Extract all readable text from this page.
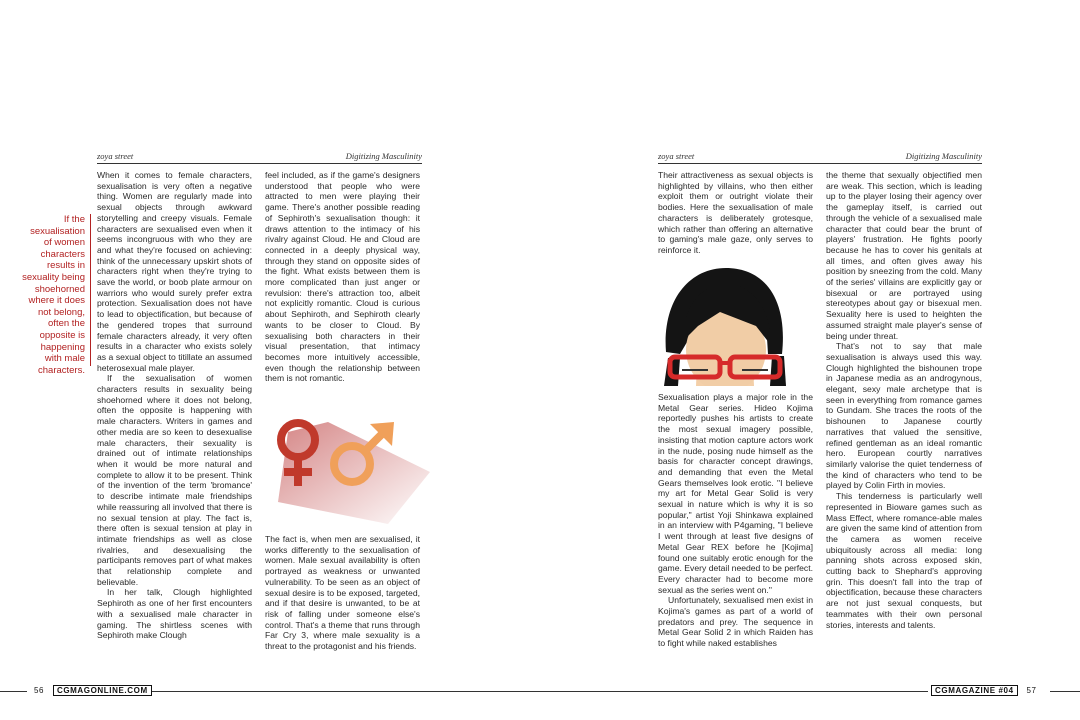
zoya street	Digitizing Masculinity
If the sexualisation of women characters results in sexuality being shoehorned where it does not belong, often the opposite is happening with male characters.

When it comes to female characters, sexualisation is very often a negative thing. Women are regularly made into sexual objects through awkward storytelling and creepy visuals. Female characters are sexualised even when it seems incongruous with who they are and what they're focused on achieving: think of the unnecessary upskirt shots of characters right when they're trying to save the world, or boob plate armour on warriors who would surely prefer extra protection. Sexualisation does not have to lead to objectification, but because of the gendered tropes that surround female characters already, it very often results in a character who exists solely as a sexual object to titillate an assumed heterosexual male player.

If the sexualisation of women characters results in sexuality being shoehorned where it does not belong, often the opposite is happening with male characters. Writers in games and other media are so keen to desexualise male characters, their sexuality is drained out of intimate relationships when it would be more natural and complete to allow it to be present. Think of the invention of the term 'bromance' to describe intimate male friendships while reassuring all involved that there is no sexual tension at play. The fact is, there often is sexual tension at play in intimate friendships as well as close rivalries, and desexualising the participants removes part of what makes that relationship complete and believable.

In her talk, Clough highlighted Sephiroth as one of her first encounters with a sexualised male character in gaming. The shirtless scenes with Sephiroth make Clough

feel included, as if the game's designers understood that people who were attracted to men were playing their game. There's another possible reading of Sephiroth's sexualisation though: it draws attention to the intimacy of his rivalry against Cloud. He and Cloud are connected in a deeply physical way, through they stand on opposite sides of the fight. What exists between them is more complicated than just anger or revulsion: there's attraction too, albeit not explicitly romantic. Cloud is curious about Sephiroth, and Sephiroth clearly wants to be closer to Cloud. By sexualising both characters in their visual presentation, that intimacy becomes more intuitively accessible, even though the relationship between them is not romantic.

The fact is, when men are sexualised, it works differently to the sexualisation of women. Male sexual availability is often portrayed as weakness or unwanted vulnerability. To be seen as an object of sexual desire is to be exposed, targeted, and if that desire is unwanted, to be at risk of falling under someone else's control. That's a theme that runs through Far Cry 3, where male sexuality is a threat to the protagonist and his friends.

56 CGMAGONLINE.COM
zoya street	Digitizing Masculinity

Their attractiveness as sexual objects is highlighted by villains, who then either exploit them or outright violate their bodies. Here the sexualisation of male characters is deliberately grotesque, which rather than offering an alternative to gaming's male gaze, only serves to reinforce it.

Sexualisation plays a major role in the Metal Gear series. Hideo Kojima reportedly pushes his artists to create the most sexual imagery possible, insisting that motion capture actors work in the nude, posing nude himself as the basis for character concept drawings, and demanding that even the Metal Gears themselves look erotic. "I believe my art for Metal Gear Solid is very sexual in nature which is why it is so popular," artist Yoji Shinkawa explained in an interview with P4gaming, "I believe I went through at least five designs of Metal Gear REX before he [Kojima] found one suitably erotic enough for the game. Every detail needed to be perfect. Every character had to become more sexual as the series went on."

Unfortunately, sexualised men exist in Kojima's games as part of a world of predators and prey. The sequence in Metal Gear Solid 2 in which Raiden has to fight while naked establishes

the theme that sexually objectified men are weak. This section, which is leading up to the player losing their agency over the gameplay itself, is carried out through the vehicle of a sexualised male character that could bear the brunt of players' frustration. He fights poorly because he has to cover his genitals at all times, and often gives away his position by sneezing from the cold. Many of the series' villains are explicitly gay or bisexual or are portrayed using stereotypes about gay or bisexual men. Sexuality here is used to heighten the assumed straight male player's sense of being under threat.

That's not to say that male sexualisation is always used this way. Clough highlighted the bishounen trope in Japanese media as an androgynous, elegant, sexy male archetype that is seen in everything from romance games to Gundam. She traces the roots of the bishounen to Japanese courtly narratives that valued the sensitive, refined gentleman as an ideal romantic hero. European courtly narratives similarly valorise the quiet tenderness of the kind of characters who tend to be played by Colin Firth in movies.

This tenderness is particularly well represented in Bioware games such as Mass Effect, where romance-able males are given the same kind of attention from the camera as women receive ubiquitously across all media: long panning shots across exposed skin, cutting back to Shephard's approving grin. This doesn't fall into the trap of objectification, because these characters are not just sexual conquests, but teammates with their own personal stories, interests and talents.

CGMAGAZINE #04 57
